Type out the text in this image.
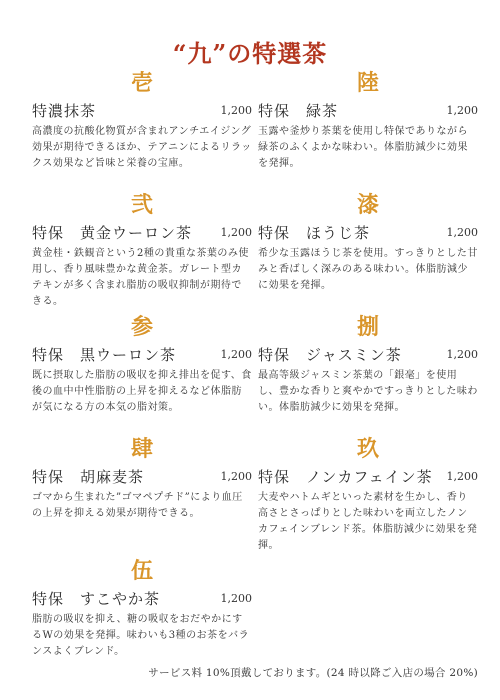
“九”の特選茶
壱
特濃抹茶	1,200
高濃度の抗酸化物質が含まれアンチエイジング効果が期待できるほか、テアニンによるリラックス効果など旨味と栄養の宝庫。
弐
特保　黄金ウーロン茶	1,200
黄金桂・鉄観音という2種の貴重な茶葉のみ使用し、香り風味豊かな黄金茶。ガレート型カテキンが多く含まれ脂肪の吸収抑制が期待できる。
参
特保　黒ウーロン茶	1,200
既に摂取した脂肪の吸収を抑え排出を促す、食後の血中中性脂肪の上昇を抑えるなど体脂肪が気になる方の本気の脂対策。
肆
特保　胡麻麦茶	1,200
ゴマから生まれた”ゴマペプチド”により血圧の上昇を抑える効果が期待できる。
伍
特保　すこやか茶	1,200
脂肪の吸収を抑え、糖の吸収をおだやかにするWの効果を発揮。味わいも3種のお茶をバランスよくブレンド。
陸
特保　緑茶	1,200
玉露や釜炒り茶葉を使用し特保でありながら緑茶のふくよかな味わい。体脂肪減少に効果を発揮。
漆
特保　ほうじ茶	1,200
希少な玉露ほうじ茶を使用。すっきりとした甘みと香ばしく深みのある味わい。体脂肪減少に効果を発揮。
捌
特保　ジャスミン茶	1,200
最高等級ジャスミン茶葉の「銀毫」を使用し、豊かな香りと爽やかですっきりとした味わい。体脂肪減少に効果を発揮。
玖
特保　ノンカフェイン茶 1,200
大麦やハトムギといった素材を生かし、香り高さとさっぱりとした味わいを両立したノンカフェインブレンド茶。体脂肪減少に効果を発揮。
サービス料 10%頂戴しております。(24 時以降ご入店の場合 20%)
